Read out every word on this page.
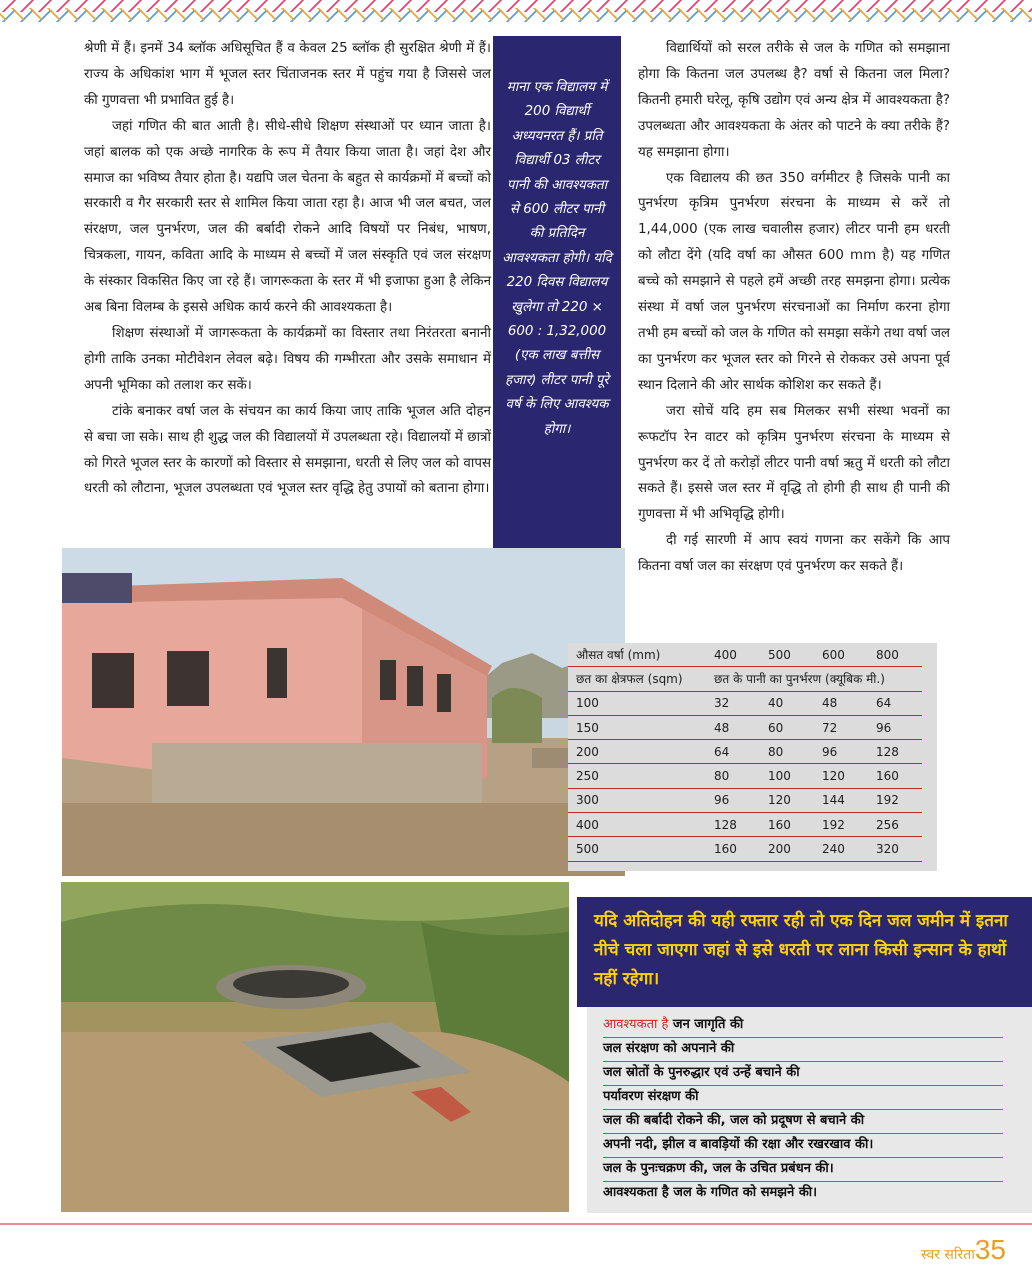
श्रेणी में हैं। इनमें 34 ब्लॉक अधिसूचित हैं व केवल 25 ब्लॉक ही सुरक्षित श्रेणी में हैं। राज्य के अधिकांश भाग में भूजल स्तर चिंताजनक स्तर में पहुंच गया है जिससे जल की गुणवत्ता भी प्रभावित हुई है।

जहां गणित की बात आती है। सीधे-सीधे शिक्षण संस्थाओं पर ध्यान जाता है। जहां बालक को एक अच्छे नागरिक के रूप में तैयार किया जाता है। जहां देश और समाज का भविष्य तैयार होता है। यद्यपि जल चेतना के बहुत से कार्यक्रमों में बच्चों को सरकारी व गैर सरकारी स्तर से शामिल किया जाता रहा है। आज भी जल बचत, जल संरक्षण, जल पुनर्भरण, जल की बर्बादी रोकने आदि विषयों पर निबंध, भाषण, चित्रकला, गायन, कविता आदि के माध्यम से बच्चों में जल संस्कृति एवं जल संरक्षण के संस्कार विकसित किए जा रहे हैं। जागरूकता के स्तर में भी इजाफा हुआ है लेकिन अब बिना विलम्ब के इससे अधिक कार्य करने की आवश्यकता है।

शिक्षण संस्थाओं में जागरूकता के कार्यक्रमों का विस्तार तथा निरंतरता बनानी होगी ताकि उनका मोटीवेशन लेवल बढ़े। विषय की गम्भीरता और उसके समाधान में अपनी भूमिका को तलाश कर सकें।

टांके बनाकर वर्षा जल के संचयन का कार्य किया जाए ताकि भूजल अति दोहन से बचा जा सके। साथ ही शुद्ध जल की विद्यालयों में उपलब्धता रहे। विद्यालयों में छात्रों को गिरते भूजल स्तर के कारणों को विस्तार से समझाना, धरती से लिए जल को वापस धरती को लौटाना, भूजल उपलब्धता एवं भूजल स्तर वृद्धि हेतु उपायों को बताना होगा।

माना एक विद्यालय में 200 विद्यार्थी अध्ययनरत हैं। प्रति विद्यार्थी 03 लीटर पानी की आवश्यकता से 600 लीटर पानी की प्रतिदिन आवश्यकता होगी। यदि 220 दिवस विद्यालय खुलेगा तो 220 × 600 : 1,32,000 (एक लाख बत्तीस हजार) लीटर पानी पूरे वर्ष के लिए आवश्यक होगा।

विद्यार्थियों को सरल तरीके से जल के गणित को समझाना होगा कि कितना जल उपलब्ध है? वर्षा से कितना जल मिला? कितनी हमारी घरेलू, कृषि उद्योग एवं अन्य क्षेत्र में आवश्यकता है? उपलब्धता और आवश्यकता के अंतर को पाटने के क्या तरीके हैं? यह समझाना होगा।

एक विद्यालय की छत 350 वर्गमीटर है जिसके पानी का पुनर्भरण कृत्रिम पुनर्भरण संरचना के माध्यम से करें तो 1,44,000 (एक लाख चवालीस हजार) लीटर पानी हम धरती को लौटा देंगे (यदि वर्षा का औसत 600 mm है) यह गणित बच्चे को समझाने से पहले हमें अच्छी तरह समझना होगा। प्रत्येक संस्था में वर्षा जल पुनर्भरण संरचनाओं का निर्माण करना होगा तभी हम बच्चों को जल के गणित को समझा सकेंगे तथा वर्षा जल का पुनर्भरण कर भूजल स्तर को गिरने से रोककर उसे अपना पूर्व स्थान दिलाने की ओर सार्थक कोशिश कर सकते हैं।

जरा सोचें यदि हम सब मिलकर सभी संस्था भवनों का रूफटॉप रेन वाटर को कृत्रिम पुनर्भरण संरचना के माध्यम से पुनर्भरण कर दें तो करोड़ों लीटर पानी वर्षा ऋतु में धरती को लौटा सकते हैं। इससे जल स्तर में वृद्धि तो होगी ही साथ ही पानी की गुणवत्ता में भी अभिवृद्धि होगी।

दी गई सारणी में आप स्वयं गणना कर सकेंगे कि आप कितना वर्षा जल का संरक्षण एवं पुनर्भरण कर सकते हैं।

औसत वर्षा (mm)	400	500	600	800
छत का क्षेत्रफल (sqm)	छत के पानी का पुनर्भरण (क्यूबिक मी.)			
100	32	40	48	64
150	48	60	72	96
200	64	80	96	128
250	80	100	120	160
300	96	120	144	192
400	128	160	192	256
500	160	200	240	320
यदि अतिदोहन की यही रफ्तार रही तो एक दिन जल जमीन में इतना नीचे चला जाएगा जहां से इसे धरती पर लाना किसी इन्सान के हाथों नहीं रहेगा।
आवश्यकता है जन जागृति की
जल संरक्षण को अपनाने की
जल स्रोतों के पुनरुद्धार एवं उन्हें बचाने की
पर्यावरण संरक्षण की
जल की बर्बादी रोकने की, जल को प्रदूषण से बचाने की
अपनी नदी, झील व बावड़ियों की रक्षा और रखरखाव की।
जल के पुनःचक्रण की, जल के उचित प्रबंधन की।
आवश्यकता है जल के गणित को समझने की।
स्वर सरिता35
